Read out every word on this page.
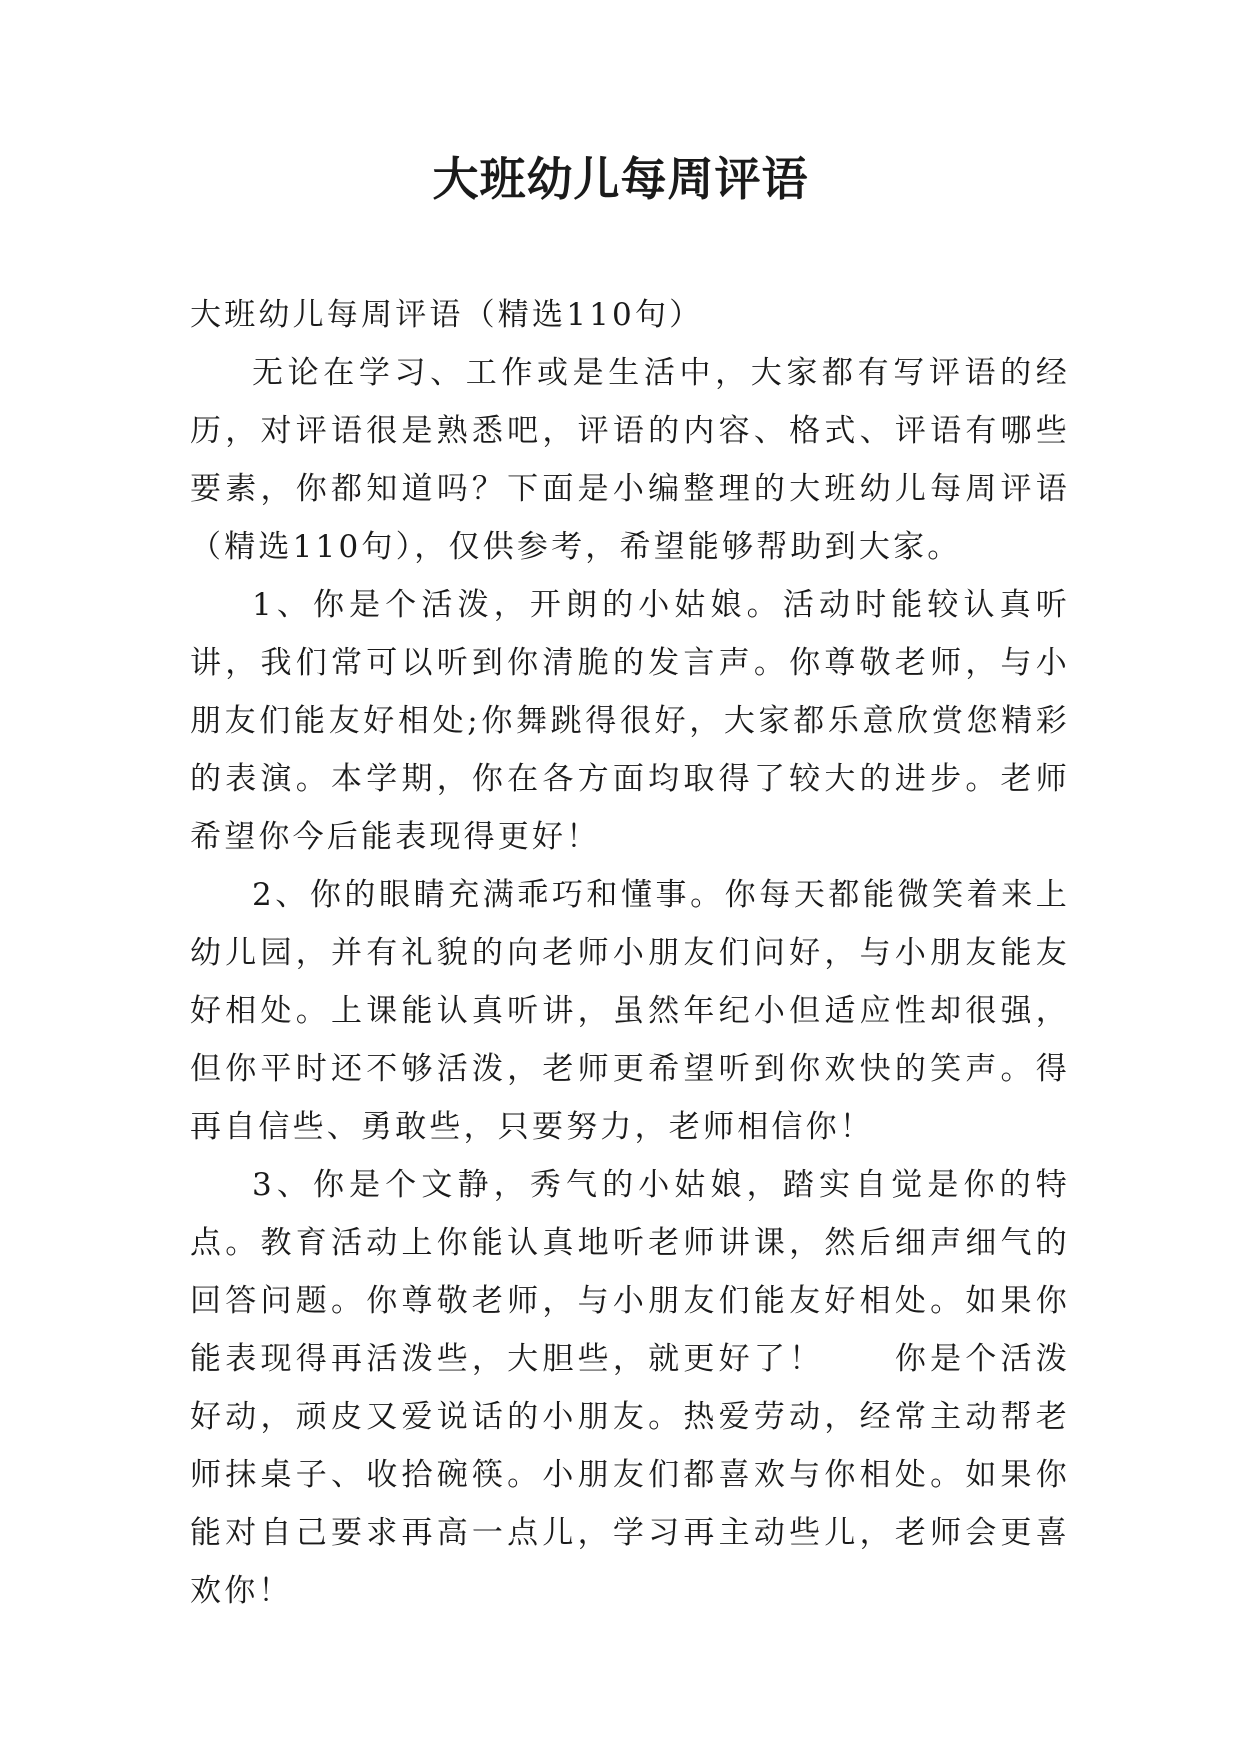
大班幼儿每周评语

大班幼儿每周评语（精选110句）

无论在学习、工作或是生活中，大家都有写评语的经历，对评语很是熟悉吧，评语的内容、格式、评语有哪些要素，你都知道吗？下面是小编整理的大班幼儿每周评语（精选110句），仅供参考，希望能够帮助到大家。

1、你是个活泼，开朗的小姑娘。活动时能较认真听讲，我们常可以听到你清脆的发言声。你尊敬老师，与小朋友们能友好相处;你舞跳得很好，大家都乐意欣赏您精彩的表演。本学期，你在各方面均取得了较大的进步。老师希望你今后能表现得更好！

2、你的眼睛充满乖巧和懂事。你每天都能微笑着来上幼儿园，并有礼貌的向老师小朋友们问好，与小朋友能友好相处。上课能认真听讲，虽然年纪小但适应性却很强，但你平时还不够活泼，老师更希望听到你欢快的笑声。得再自信些、勇敢些，只要努力，老师相信你！

3、你是个文静，秀气的小姑娘，踏实自觉是你的特点。教育活动上你能认真地听老师讲课，然后细声细气的回答问题。你尊敬老师，与小朋友们能友好相处。如果你能表现得再活泼些，大胆些，就更好了！　　你是个活泼好动，顽皮又爱说话的小朋友。热爱劳动，经常主动帮老师抹桌子、收拾碗筷。小朋友们都喜欢与你相处。如果你能对自己要求再高一点儿，学习再主动些儿，老师会更喜欢你！
